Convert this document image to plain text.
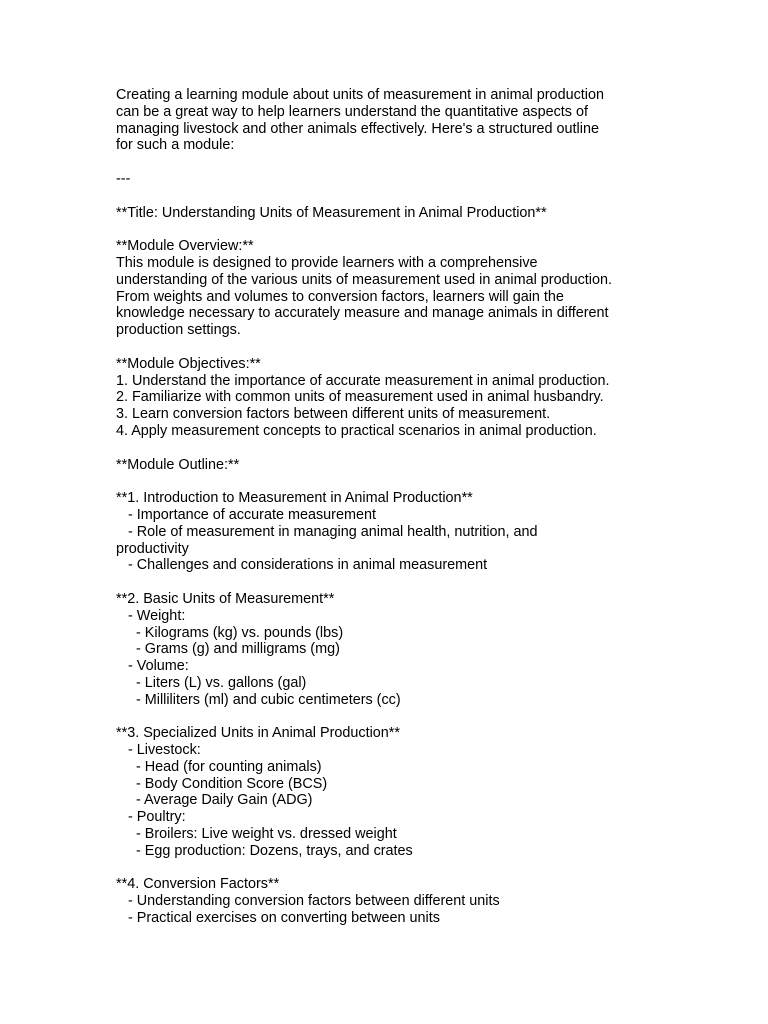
Creating a learning module about units of measurement in animal production
can be a great way to help learners understand the quantitative aspects of
managing livestock and other animals effectively. Here's a structured outline
for such a module:
---
**Title: Understanding Units of Measurement in Animal Production**
**Module Overview:**
This module is designed to provide learners with a comprehensive
understanding of the various units of measurement used in animal production.
From weights and volumes to conversion factors, learners will gain the
knowledge necessary to accurately measure and manage animals in different
production settings.
**Module Objectives:**
1. Understand the importance of accurate measurement in animal production.
2. Familiarize with common units of measurement used in animal husbandry.
3. Learn conversion factors between different units of measurement.
4. Apply measurement concepts to practical scenarios in animal production.
**Module Outline:**
**1. Introduction to Measurement in Animal Production**
- Importance of accurate measurement
- Role of measurement in managing animal health, nutrition, and
productivity
- Challenges and considerations in animal measurement
**2. Basic Units of Measurement**
- Weight:
- Kilograms (kg) vs. pounds (lbs)
- Grams (g) and milligrams (mg)
- Volume:
- Liters (L) vs. gallons (gal)
- Milliliters (ml) and cubic centimeters (cc)
**3. Specialized Units in Animal Production**
- Livestock:
- Head (for counting animals)
- Body Condition Score (BCS)
- Average Daily Gain (ADG)
- Poultry:
- Broilers: Live weight vs. dressed weight
- Egg production: Dozens, trays, and crates
**4. Conversion Factors**
- Understanding conversion factors between different units
- Practical exercises on converting between units
